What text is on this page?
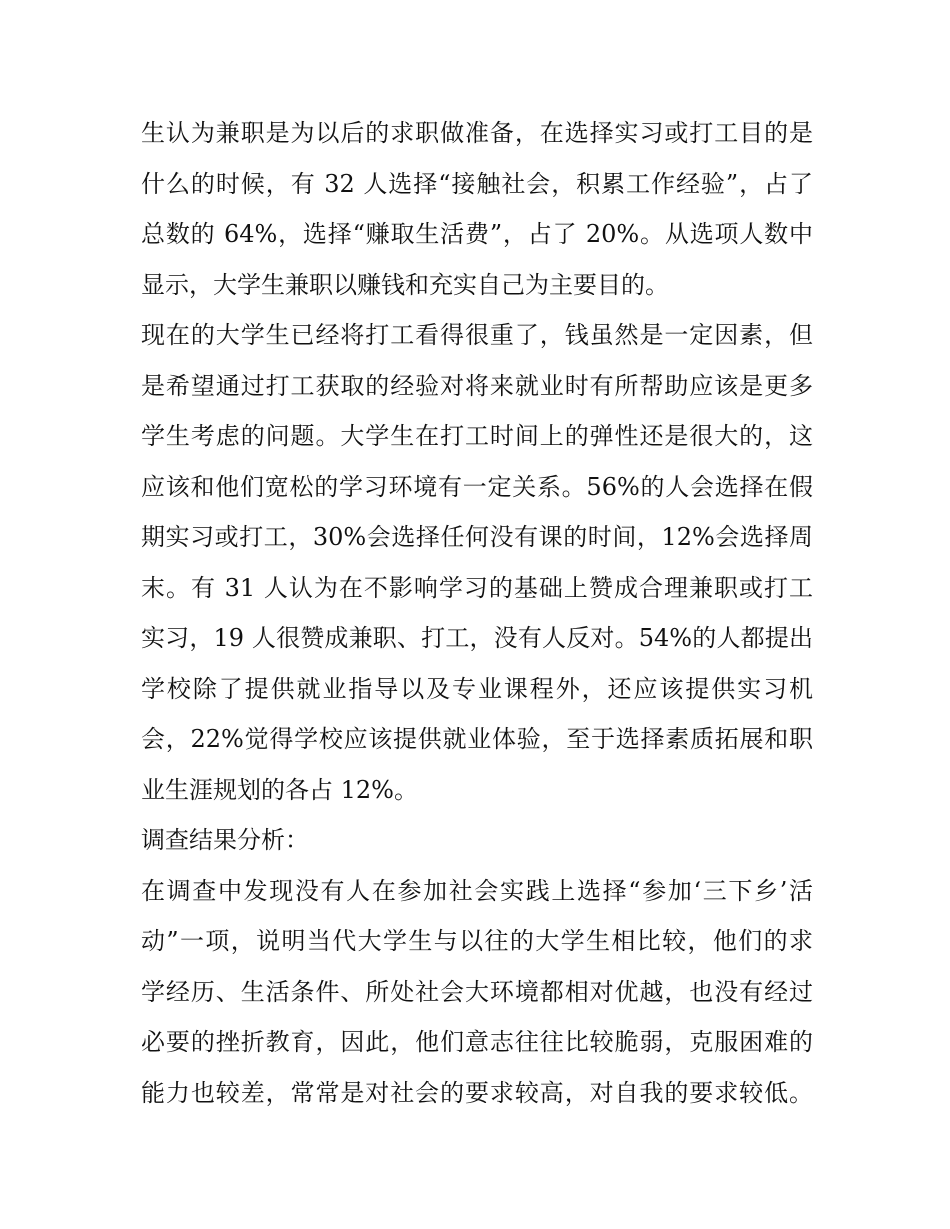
生认为兼职是为以后的求职做准备，在选择实习或打工目的是
什么的时候，有 32 人选择“接触社会，积累工作经验”，占了
总数的 64%，选择“赚取生活费”，占了 20%。从选项人数中
显示，大学生兼职以赚钱和充实自己为主要目的。
现在的大学生已经将打工看得很重了，钱虽然是一定因素，但
是希望通过打工获取的经验对将来就业时有所帮助应该是更多
学生考虑的问题。大学生在打工时间上的弹性还是很大的，这
应该和他们宽松的学习环境有一定关系。56%的人会选择在假
期实习或打工，30%会选择任何没有课的时间，12%会选择周
末。有 31 人认为在不影响学习的基础上赞成合理兼职或打工
实习，19 人很赞成兼职、打工，没有人反对。54%的人都提出
学校除了提供就业指导以及专业课程外，还应该提供实习机
会，22%觉得学校应该提供就业体验，至于选择素质拓展和职
业生涯规划的各占 12%。
调查结果分析：
在调查中发现没有人在参加社会实践上选择“参加‘三下乡’活
动”一项，说明当代大学生与以往的大学生相比较，他们的求
学经历、生活条件、所处社会大环境都相对优越，也没有经过
必要的挫折教育，因此，他们意志往往比较脆弱，克服困难的
能力也较差，常常是对社会的要求较高，对自我的要求较低。
